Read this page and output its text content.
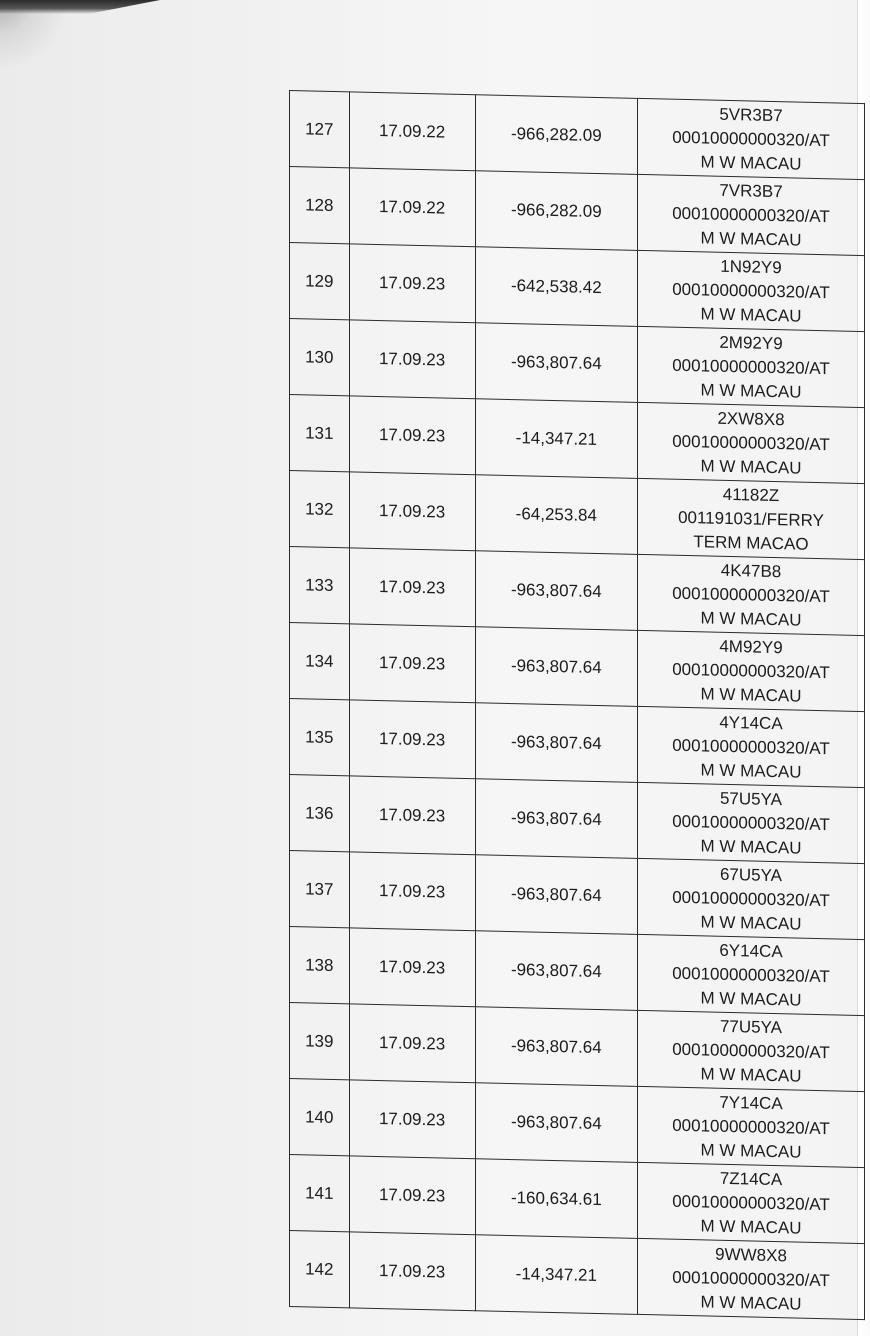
127	17.09.22	-966,282.09	5VR3B7
00010000000320/AT
M W MACAU

128	17.09.22	-966,282.09	7VR3B7
00010000000320/AT
M W MACAU

129	17.09.23	-642,538.42	1N92Y9
00010000000320/AT
M W MACAU

130	17.09.23	-963,807.64	2M92Y9
00010000000320/AT
M W MACAU

131	17.09.23	-14,347.21	2XW8X8
00010000000320/AT
M W MACAU

132	17.09.23	-64,253.84	41182Z
001191031/FERRY
TERM MACAO

133	17.09.23	-963,807.64	4K47B8
00010000000320/AT
M W MACAU

134	17.09.23	-963,807.64	4M92Y9
00010000000320/AT
M W MACAU

135	17.09.23	-963,807.64	4Y14CA
00010000000320/AT
M W MACAU

136	17.09.23	-963,807.64	57U5YA
00010000000320/AT
M W MACAU

137	17.09.23	-963,807.64	67U5YA
00010000000320/AT
M W MACAU

138	17.09.23	-963,807.64	6Y14CA
00010000000320/AT
M W MACAU

139	17.09.23	-963,807.64	77U5YA
00010000000320/AT
M W MACAU

140	17.09.23	-963,807.64	7Y14CA
00010000000320/AT
M W MACAU

141	17.09.23	-160,634.61	7Z14CA
00010000000320/AT
M W MACAU

142	17.09.23	-14,347.21	9WW8X8
00010000000320/AT
M W MACAU
